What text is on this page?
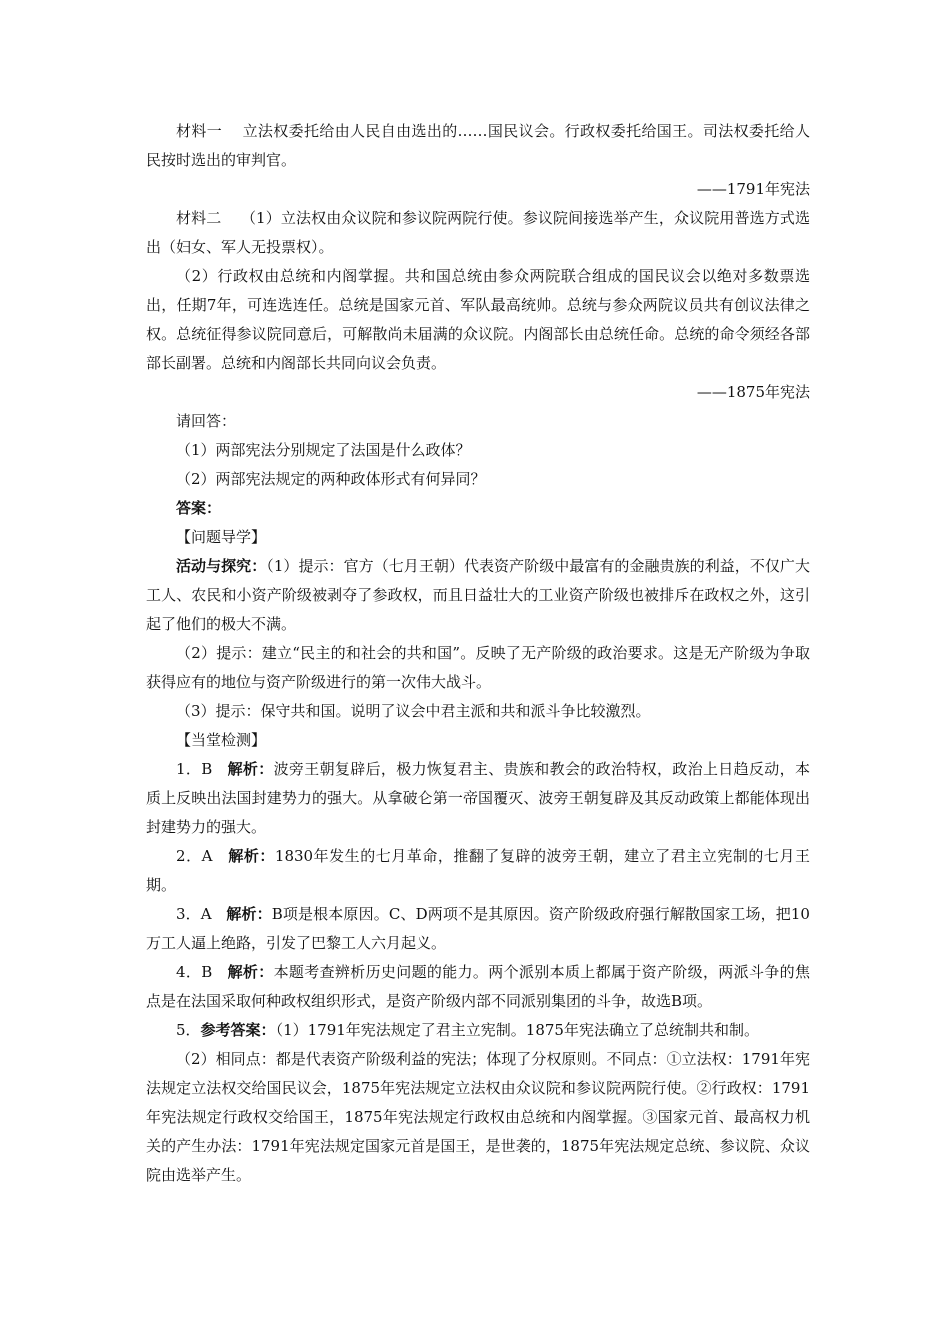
材料一 立法权委托给由人民自由选出的……国民议会。行政权委托给国王。司法权委托给人民按时选出的审判官。

——1791年宪法

材料二 （1）立法权由众议院和参议院两院行使。参议院间接选举产生，众议院用普选方式选出（妇女、军人无投票权）。

（2）行政权由总统和内阁掌握。共和国总统由参众两院联合组成的国民议会以绝对多数票选出，任期7年，可连选连任。总统是国家元首、军队最高统帅。总统与参众两院议员共有创议法律之权。总统征得参议院同意后，可解散尚未届满的众议院。内阁部长由总统任命。总统的命令须经各部部长副署。总统和内阁部长共同向议会负责。

——1875年宪法

请回答：

（1）两部宪法分别规定了法国是什么政体？

（2）两部宪法规定的两种政体形式有何异同？

答案：

【问题导学】

活动与探究：（1）提示：官方（七月王朝）代表资产阶级中最富有的金融贵族的利益，不仅广大工人、农民和小资产阶级被剥夺了参政权，而且日益壮大的工业资产阶级也被排斥在政权之外，这引起了他们的极大不满。

（2）提示：建立“民主的和社会的共和国”。反映了无产阶级的政治要求。这是无产阶级为争取获得应有的地位与资产阶级进行的第一次伟大战斗。

（3）提示：保守共和国。说明了议会中君主派和共和派斗争比较激烈。

【当堂检测】

1．B 解析：波旁王朝复辟后，极力恢复君主、贵族和教会的政治特权，政治上日趋反动，本质上反映出法国封建势力的强大。从拿破仑第一帝国覆灭、波旁王朝复辟及其反动政策上都能体现出封建势力的强大。

2．A 解析：1830年发生的七月革命，推翻了复辟的波旁王朝，建立了君主立宪制的七月王期。

3．A 解析：B项是根本原因。C、D两项不是其原因。资产阶级政府强行解散国家工场，把10万工人逼上绝路，引发了巴黎工人六月起义。

4．B 解析：本题考查辨析历史问题的能力。两个派别本质上都属于资产阶级，两派斗争的焦点是在法国采取何种政权组织形式，是资产阶级内部不同派别集团的斗争，故选B项。

5．参考答案：（1）1791年宪法规定了君主立宪制。1875年宪法确立了总统制共和制。

（2）相同点：都是代表资产阶级利益的宪法；体现了分权原则。不同点：①立法权：1791年宪法规定立法权交给国民议会，1875年宪法规定立法权由众议院和参议院两院行使。②行政权：1791年宪法规定行政权交给国王，1875年宪法规定行政权由总统和内阁掌握。③国家元首、最高权力机关的产生办法：1791年宪法规定国家元首是国王，是世袭的，1875年宪法规定总统、参议院、众议院由选举产生。
